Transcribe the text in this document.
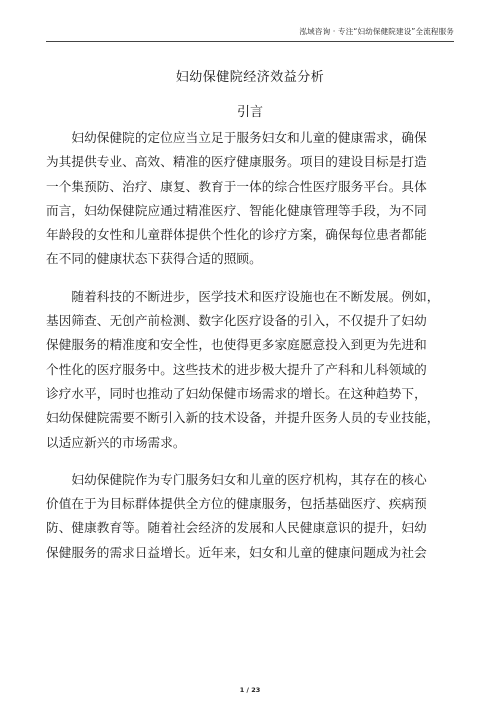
泓域咨询 · 专注“妇幼保健院建设”全流程服务
妇幼保健院经济效益分析
引言
　　妇幼保健院的定位应当立足于服务妇女和儿童的健康需求，确保
为其提供专业、高效、精准的医疗健康服务。项目的建设目标是打造
一个集预防、治疗、康复、教育于一体的综合性医疗服务平台。具体
而言，妇幼保健院应通过精准医疗、智能化健康管理等手段，为不同
年龄段的女性和儿童群体提供个性化的诊疗方案，确保每位患者都能
在不同的健康状态下获得合适的照顾。
　　随着科技的不断进步，医学技术和医疗设施也在不断发展。例如，
基因筛查、无创产前检测、数字化医疗设备的引入，不仅提升了妇幼
保健服务的精准度和安全性，也使得更多家庭愿意投入到更为先进和
个性化的医疗服务中。这些技术的进步极大提升了产科和儿科领域的
诊疗水平，同时也推动了妇幼保健市场需求的增长。在这种趋势下，
妇幼保健院需要不断引入新的技术设备，并提升医务人员的专业技能，
以适应新兴的市场需求。
　　妇幼保健院作为专门服务妇女和儿童的医疗机构，其存在的核心
价值在于为目标群体提供全方位的健康服务，包括基础医疗、疾病预
防、健康教育等。随着社会经济的发展和人民健康意识的提升，妇幼
保健服务的需求日益增长。近年来，妇女和儿童的健康问题成为社会
1 / 23
